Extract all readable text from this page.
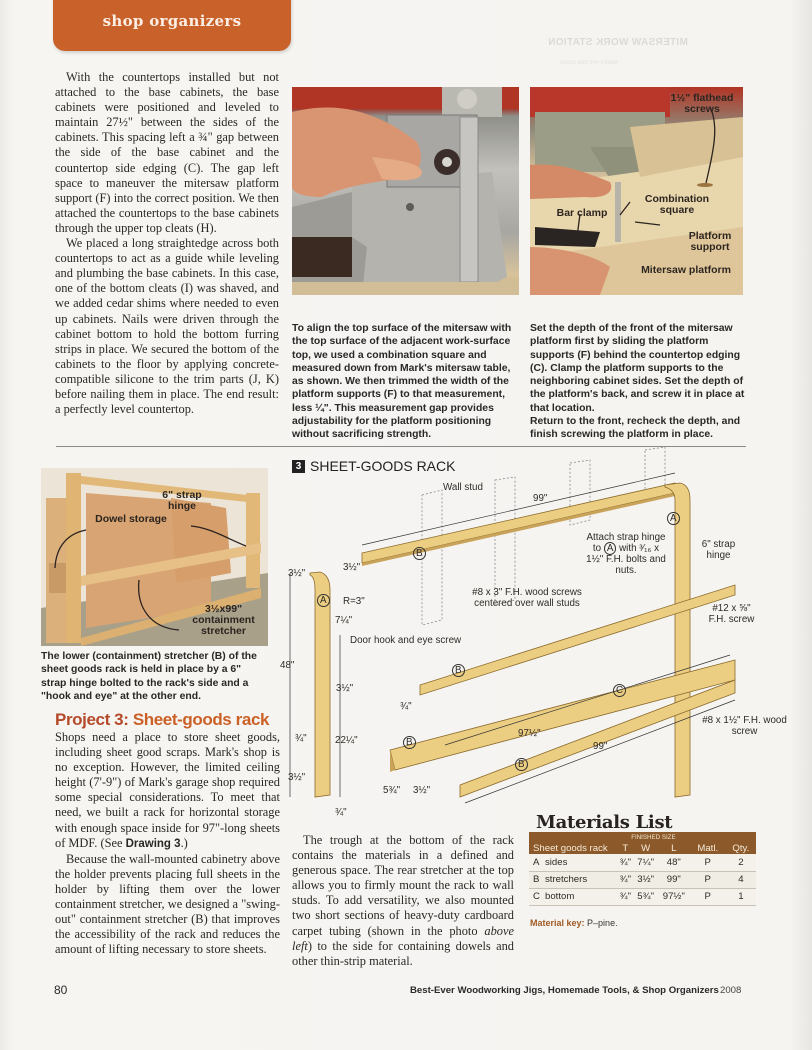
shop organizers
MITERSAW WORK STATION
Mark's Pro tool stores

With the countertops installed but not attached to the base cabinets, the base cabinets were positioned and leveled to maintain 27½" between the sides of the cabinets. This spacing left a ¾" gap between the side of the base cabinet and the countertop side edging (C). The gap left space to maneuver the mitersaw platform support (F) into the correct position. We then attached the countertops to the base cabinets through the upper top cleats (H).

We placed a long straightedge across both countertops to act as a guide while leveling and plumbing the base cabinets. In this case, one of the bottom cleats (I) was shaved, and we added cedar shims where needed to even up cabinets. Nails were driven through the cabinet bottom to hold the bottom furring strips in place. We secured the bottom of the cabinets to the floor by applying concrete-compatible silicone to the trim parts (J, K) before nailing them in place. The end result: a perfectly level countertop.

1½" flathead screws
Combination square
Bar clamp
Platform support
Mitersaw platform
To align the top surface of the mitersaw with the top surface of the adjacent work-surface top, we used a combination square and measured down from Mark's mitersaw table, as shown. We then trimmed the width of the platform supports (F) to that measurement, less ¼". This measurement gap provides adjustability for the platform positioning without sacrificing strength.
Set the depth of the front of the mitersaw platform first by sliding the platform supports (F) behind the countertop edging (C). Clamp the platform supports to the neighboring cabinet sides. Set the depth of the platform's back, and screw it in place at that location.
Return to the front, recheck the depth, and
finish screwing the platform in place.
6" strap hinge
Dowel storage
3½x99" containment stretcher
The lower (containment) stretcher (B) of the sheet goods rack is held in place by a 6" strap hinge bolted to the rack's side and a "hook and eye" at the other end.
3 SHEET-GOODS RACK
Wall stud
99"
A
B
Attach strap hinge to A with ³⁄₁₆ x 1½" F.H. bolts and nuts.
6" strap hinge
#12 x ⅝" F.H. screw
#8 x 3" F.H. wood screws centered over wall studs
3½"
3½"
A	R=3"
7¼"
Door hook and eye screw
48"
3½"
B
¾"
C
¾"	22¼"
97½"
B
#8 x 1½" F.H. wood screw
99"
B
3½"
5¾" 3½"
¾"
Project 3: Sheet-goods rack

Shops need a place to store sheet goods, including sheet good scraps. Mark's shop is no exception. However, the limited ceiling height (7'-9") of Mark's garage shop required some special considerations. To meet that need, we built a rack for horizontal storage with enough space inside for 97"-long sheets of MDF. (See Drawing 3.)

Because the wall-mounted cabinetry above the holder prevents placing full sheets in the holder by lifting them over the lower containment stretcher, we designed a "swing-out" containment stretcher (B) that improves the accessibility of the rack and reduces the amount of lifting necessary to store sheets.

The trough at the bottom of the rack contains the materials in a defined and generous space. The rear stretcher at the top allows you to firmly mount the rack to wall studs. To add versatility, we also mounted two short sections of heavy-duty cardboard carpet tubing (shown in the photo above left) to the side for containing dowels and other thin-strip material.

Materials List
		FINISHED SIZE				
Sheet goods rack		T	W	L	Matl.	Qty.
A	sides	¾"	7¼"	48"	P	2
B	stretchers	¾"	3½"	99"	P	4
C	bottom	¾"	5¾"	97½"	P	1
Material key: P–pine.
80	Best-Ever Woodworking Jigs, Homemade Tools, & Shop Organizers 2008
